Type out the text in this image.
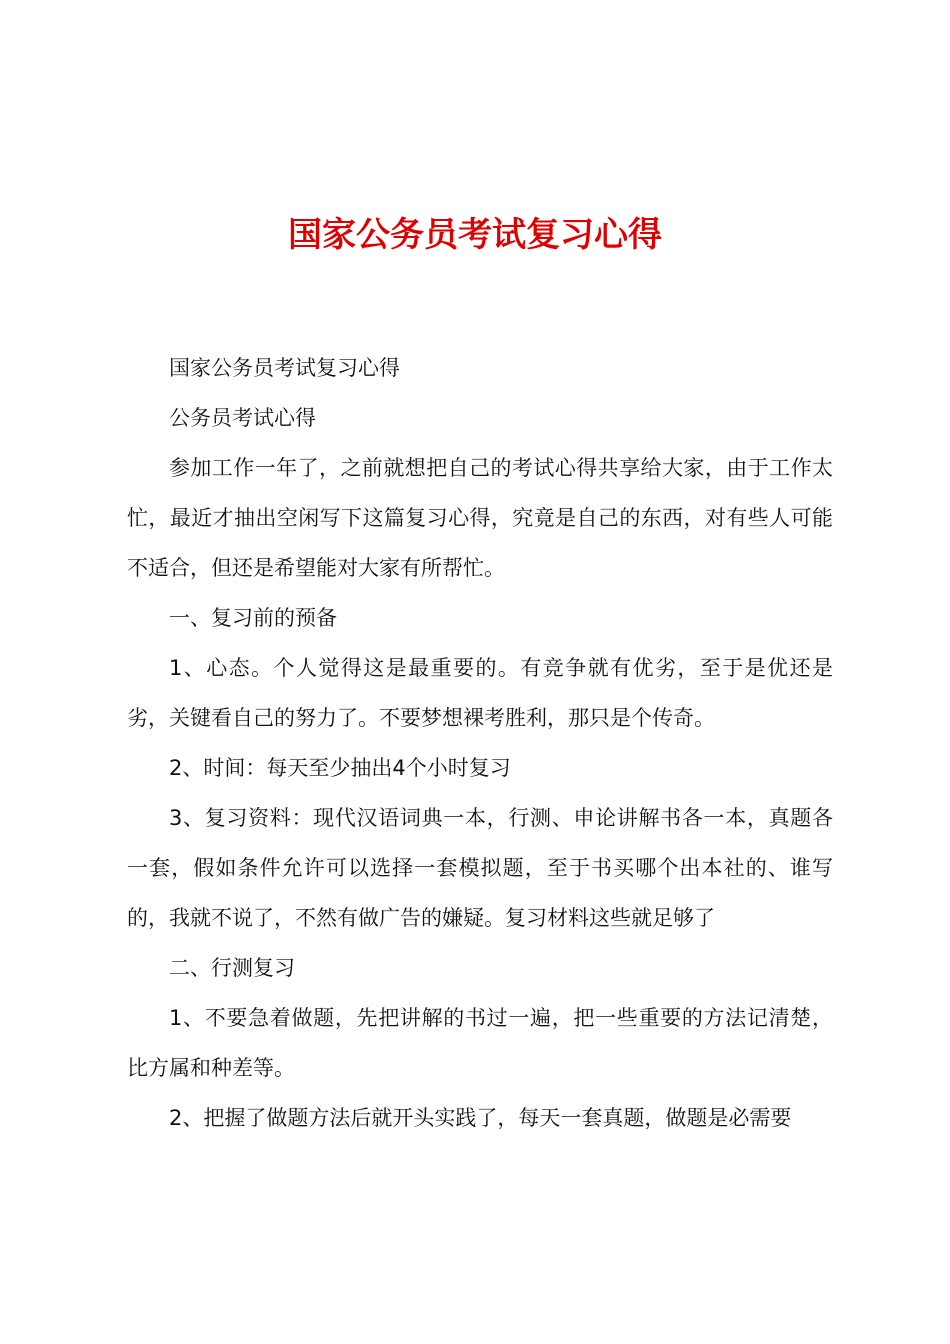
国家公务员考试复习心得

国家公务员考试复习心得

公务员考试心得

参加工作一年了，之前就想把自己的考试心得共享给大家，由于工作太忙，最近才抽出空闲写下这篇复习心得，究竟是自己的东西，对有些人可能不适合，但还是希望能对大家有所帮忙。

一、复习前的预备

1、心态。个人觉得这是最重要的。有竞争就有优劣，至于是优还是劣，关键看自己的努力了。不要梦想裸考胜利，那只是个传奇。

2、时间：每天至少抽出4个小时复习

3、复习资料：现代汉语词典一本，行测、申论讲解书各一本，真题各一套，假如条件允许可以选择一套模拟题，至于书买哪个出本社的、谁写的，我就不说了，不然有做广告的嫌疑。复习材料这些就足够了

二、行测复习

1、不要急着做题，先把讲解的书过一遍，把一些重要的方法记清楚，比方属和种差等。

2、把握了做题方法后就开头实践了，每天一套真题，做题是必需要
